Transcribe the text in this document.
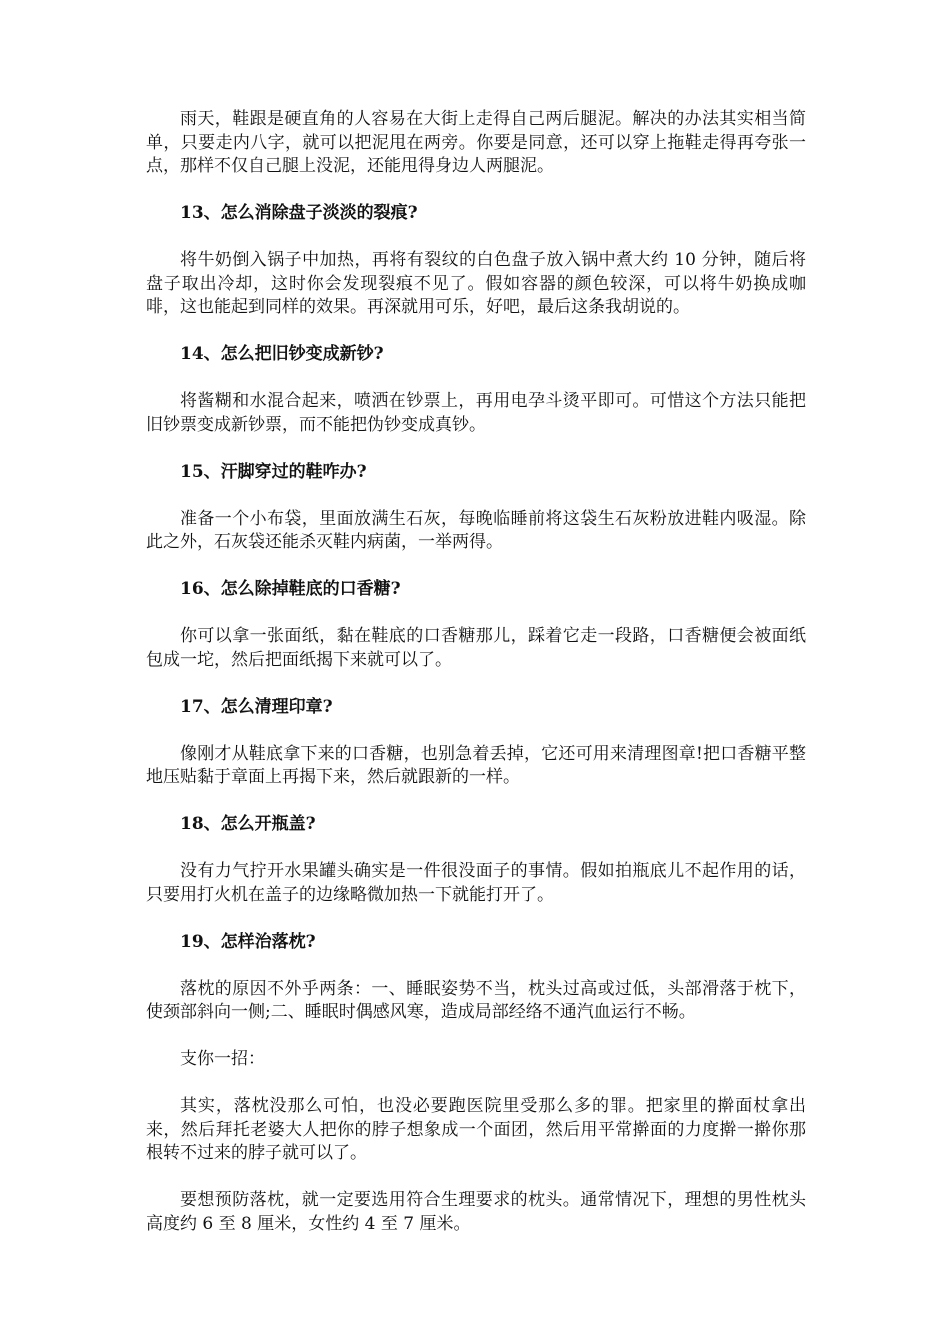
雨天，鞋跟是硬直角的人容易在大街上走得自己两后腿泥。解决的办法其实相当简单，只要走内八字，就可以把泥甩在两旁。你要是同意，还可以穿上拖鞋走得再夸张一点，那样不仅自己腿上没泥，还能甩得身边人两腿泥。

13、怎么消除盘子淡淡的裂痕?

将牛奶倒入锅子中加热，再将有裂纹的白色盘子放入锅中煮大约 10 分钟，随后将盘子取出冷却，这时你会发现裂痕不见了。假如容器的颜色较深，可以将牛奶换成咖啡，这也能起到同样的效果。再深就用可乐，好吧，最后这条我胡说的。

14、怎么把旧钞变成新钞?

将酱糊和水混合起来，喷洒在钞票上，再用电孕斗烫平即可。可惜这个方法只能把旧钞票变成新钞票，而不能把伪钞变成真钞。

15、汗脚穿过的鞋咋办?

准备一个小布袋，里面放满生石灰，每晚临睡前将这袋生石灰粉放进鞋内吸湿。除此之外，石灰袋还能杀灭鞋内病菌，一举两得。

16、怎么除掉鞋底的口香糖?

你可以拿一张面纸，黏在鞋底的口香糖那儿，踩着它走一段路，口香糖便会被面纸包成一坨，然后把面纸揭下来就可以了。

17、怎么清理印章?

像刚才从鞋底拿下来的口香糖，也别急着丢掉，它还可用来清理图章!把口香糖平整地压贴黏于章面上再揭下来，然后就跟新的一样。

18、怎么开瓶盖?

没有力气拧开水果罐头确实是一件很没面子的事情。假如拍瓶底儿不起作用的话，只要用打火机在盖子的边缘略微加热一下就能打开了。

19、怎样治落枕?

落枕的原因不外乎两条：一、睡眠姿势不当，枕头过高或过低，头部滑落于枕下，使颈部斜向一侧;二、睡眠时偶感风寒，造成局部经络不通汽血运行不畅。

支你一招：

其实，落枕没那么可怕，也没必要跑医院里受那么多的罪。把家里的擀面杖拿出来，然后拜托老婆大人把你的脖子想象成一个面团，然后用平常擀面的力度擀一擀你那根转不过来的脖子就可以了。

要想预防落枕，就一定要选用符合生理要求的枕头。通常情况下，理想的男性枕头高度约 6 至 8 厘米，女性约 4 至 7 厘米。
